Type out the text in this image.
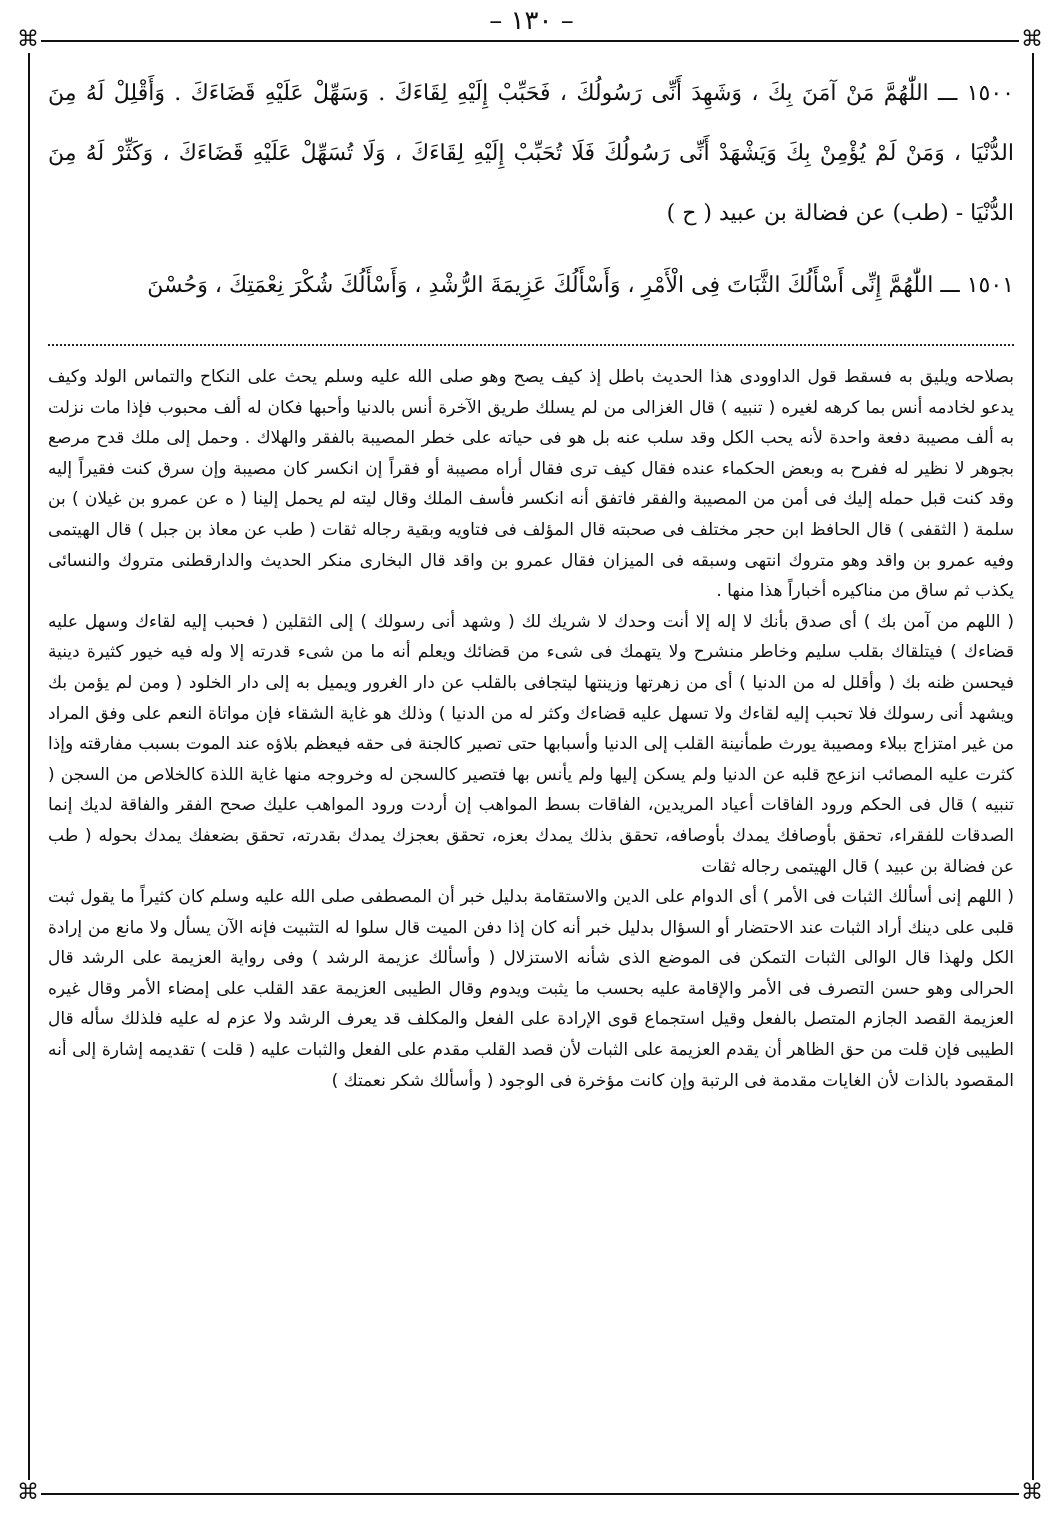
– ١٣٠ –
⌘	⌘
⌘	⌘

١٥٠٠ ـــ اللّٰهُمَّ مَنْ آمَنَ بِكَ ، وَشَهِدَ أَنِّى رَسُولُكَ ، فَحَبِّبْ إِلَيْهِ لِقَاءَكَ . وَسَهِّلْ عَلَيْهِ قَضَاءَكَ . وَأَقْلِلْ لَهُ مِنَ الدُّنْيَا ، وَمَنْ لَمْ يُؤْمِنْ بِكَ وَيَشْهَدْ أَنِّى رَسُولُكَ فَلَا تُحَبِّبْ إِلَيْهِ لِقَاءَكَ ، وَلَا تُسَهِّلْ عَلَيْهِ قَضَاءَكَ ، وَكَثِّرْ لَهُ مِنَ الدُّنْيَا - (طب) عن فضالة بن عبيد ( ح )

١٥٠١ ـــ اللّٰهُمَّ إِنِّى أَسْأَلُكَ الثَّبَاتَ فِى الْأَمْرِ ، وَأَسْأَلُكَ عَزِيمَةَ الرُّشْدِ ، وَأَسْأَلُكَ شُكْرَ نِعْمَتِكَ ، وَحُسْنَ

بصلاحه ويليق به فسقط قول الداوودى هذا الحديث باطل إذ كيف يصح وهو صلى الله عليه وسلم يحث على النكاح والتماس الولد وكيف يدعو لخادمه أنس بما كرهه لغيره ( تنبيه ) قال الغزالى من لم يسلك طريق الآخرة أنس بالدنيا وأحبها فكان له ألف محبوب فإذا مات نزلت به ألف مصيبة دفعة واحدة لأنه يحب الكل وقد سلب عنه بل هو فى حياته على خطر المصيبة بالفقر والهلاك . وحمل إلى ملك قدح مرصع بجوهر لا نظير له ففرح به وبعض الحكماء عنده فقال كيف ترى فقال أراه مصيبة أو فقراً إن انكسر كان مصيبة وإن سرق كنت فقيراً إليه وقد كنت قبل حمله إليك فى أمن من المصيبة والفقر فاتفق أنه انكسر فأسف الملك وقال ليته لم يحمل إلينا ( ه عن عمرو بن غيلان ) بن سلمة ( الثقفى ) قال الحافظ ابن حجر مختلف فى صحبته قال المؤلف فى فتاويه وبقية رجاله ثقات ( طب عن معاذ بن جبل ) قال الهيتمى وفيه عمرو بن واقد وهو متروك انتهى وسبقه فى الميزان فقال عمرو بن واقد قال البخارى منكر الحديث والدارقطنى متروك والنسائى يكذب ثم ساق من مناكيره أخباراً هذا منها .

( اللهم من آمن بك ) أى صدق بأنك لا إله إلا أنت وحدك لا شريك لك ( وشهد أنى رسولك ) إلى الثقلين ( فحبب إليه لقاءك وسهل عليه قضاءك ) فيتلقاك بقلب سليم وخاطر منشرح ولا يتهمك فى شىء من قضائك ويعلم أنه ما من شىء قدرته إلا وله فيه خيور كثيرة دينية فيحسن ظنه بك ( وأقلل له من الدنيا ) أى من زهرتها وزينتها ليتجافى بالقلب عن دار الغرور ويميل به إلى دار الخلود ( ومن لم يؤمن بك ويشهد أنى رسولك فلا تحبب إليه لقاءك ولا تسهل عليه قضاءك وكثر له من الدنيا ) وذلك هو غاية الشقاء فإن مواتاة النعم على وفق المراد من غير امتزاج ببلاء ومصيبة يورث طمأنينة القلب إلى الدنيا وأسبابها حتى تصير كالجنة فى حقه فيعظم بلاؤه عند الموت بسبب مفارقته وإذا كثرت عليه المصائب انزعج قلبه عن الدنيا ولم يسكن إليها ولم يأنس بها فتصير كالسجن له وخروجه منها غاية اللذة كالخلاص من السجن ( تنبيه ) قال فى الحكم ورود الفاقات أعياد المريدين، الفاقات بسط المواهب إن أردت ورود المواهب عليك صحح الفقر والفاقة لديك إنما الصدقات للفقراء، تحقق بأوصافك يمدك بأوصافه، تحقق بذلك يمدك بعزه، تحقق بعجزك يمدك بقدرته، تحقق بضعفك يمدك بحوله ( طب عن فضالة بن عبيد ) قال الهيتمى رجاله ثقات

( اللهم إنى أسألك الثبات فى الأمر ) أى الدوام على الدين والاستقامة بدليل خبر أن المصطفى صلى الله عليه وسلم كان كثيراً ما يقول ثبت قلبى على دينك أراد الثبات عند الاحتضار أو السؤال بدليل خبر أنه كان إذا دفن الميت قال سلوا له التثبيت فإنه الآن يسأل ولا مانع من إرادة الكل ولهذا قال الوالى الثبات التمكن فى الموضع الذى شأنه الاستزلال ( وأسألك عزيمة الرشد ) وفى رواية العزيمة على الرشد قال الحرالى وهو حسن التصرف فى الأمر والإقامة عليه بحسب ما يثبت ويدوم وقال الطيبى العزيمة عقد القلب على إمضاء الأمر وقال غيره العزيمة القصد الجازم المتصل بالفعل وقيل استجماع قوى الإرادة على الفعل والمكلف قد يعرف الرشد ولا عزم له عليه فلذلك سأله قال الطيبى فإن قلت من حق الظاهر أن يقدم العزيمة على الثبات لأن قصد القلب مقدم على الفعل والثبات عليه ( قلت ) تقديمه إشارة إلى أنه المقصود بالذات لأن الغايات مقدمة فى الرتبة وإن كانت مؤخرة فى الوجود ( وأسألك شكر نعمتك )
